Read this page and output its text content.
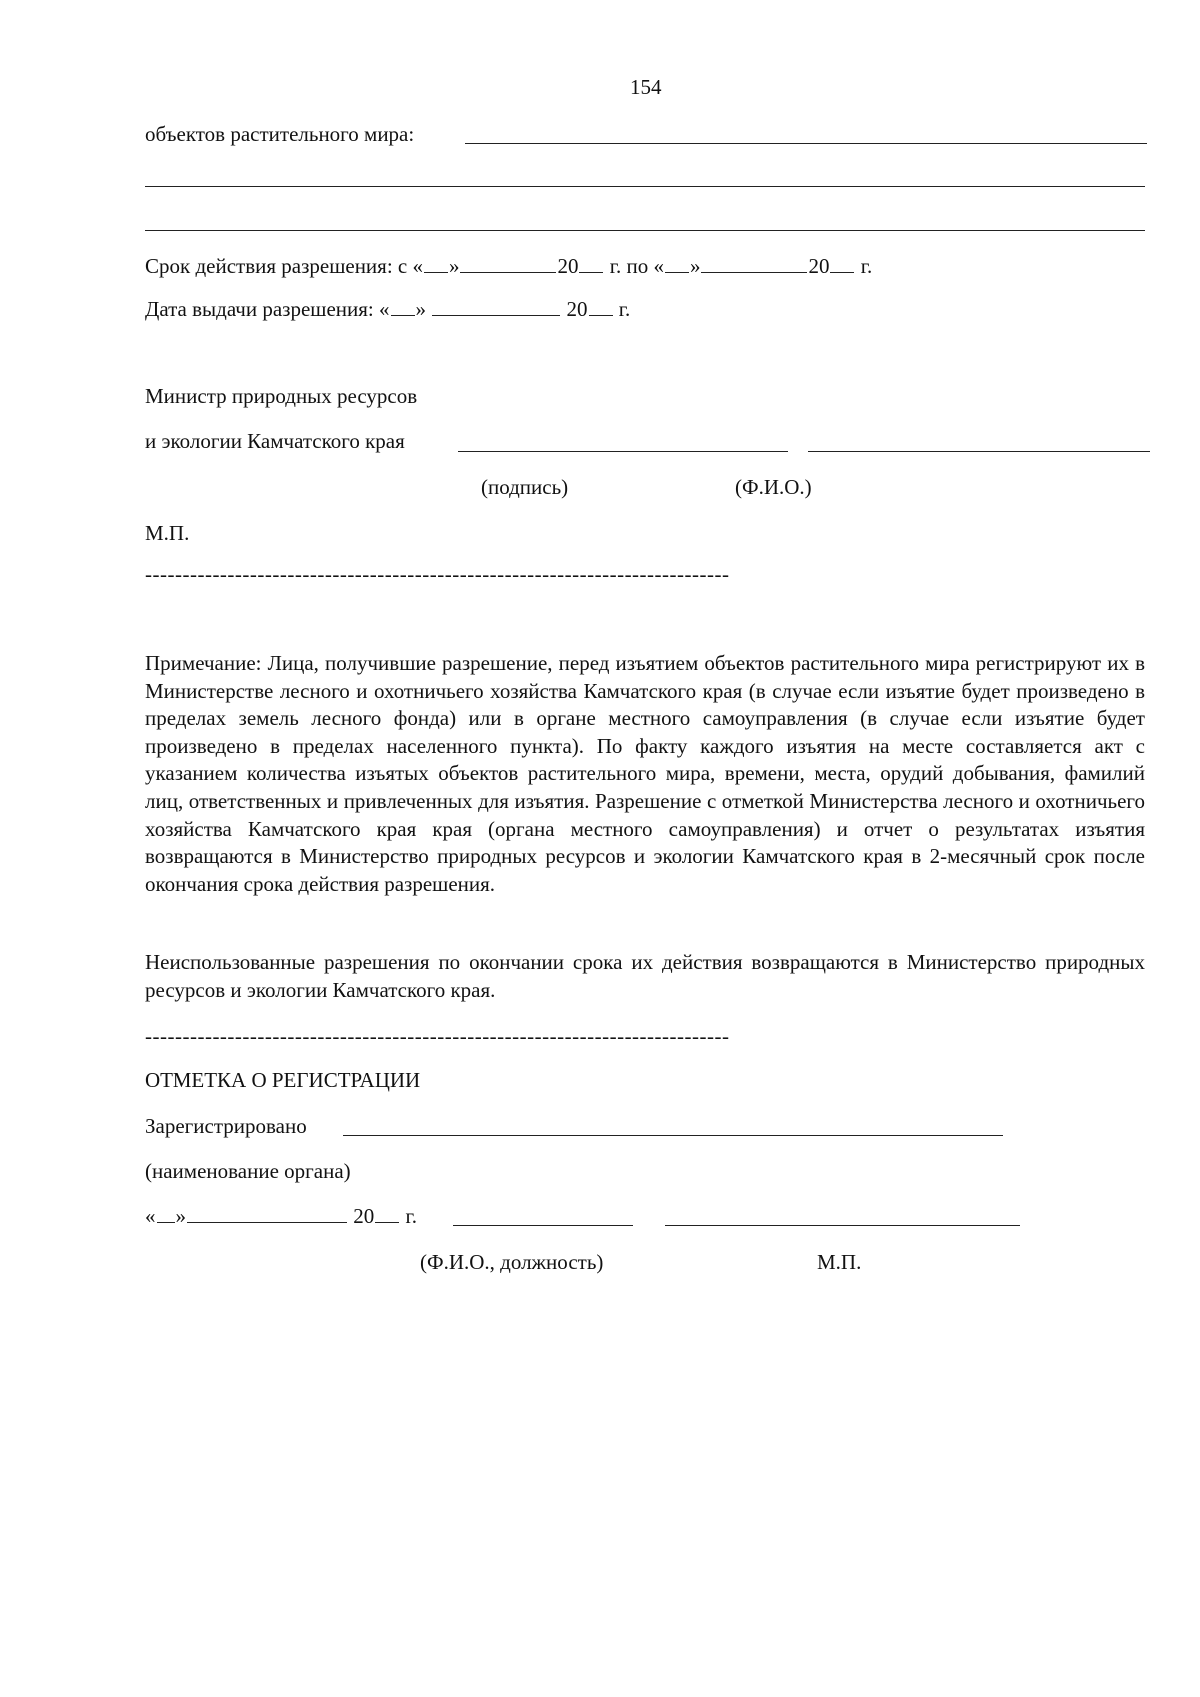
154
объектов растительного мира:
Срок действия разрешения: с « »	20 г. по « »	20 г.
Дата выдачи разрешения: « »	20 г.
Министр природных ресурсов
и экологии Камчатского края
(подпись)	(Ф.И.О.)
М.П.
------------------------------------------------------------------------------
Примечание: Лица, получившие разрешение, перед изъятием объектов растительного мира регистрируют их в Министерстве лесного и охотничьего хозяйства Камчатского края (в случае если изъятие будет произведено в пределах земель лесного фонда) или в органе местного самоуправления (в случае если изъятие будет произведено в пределах населенного пункта). По факту каждого изъятия на месте составляется акт с указанием количества изъятых объектов растительного мира, времени, места, орудий добывания, фамилий лиц, ответственных и привлеченных для изъятия. Разрешение с отметкой Министерства лесного и охотничьего хозяйства Камчатского края края (органа местного самоуправления) и отчет о результатах изъятия возвращаются в Министерство природных ресурсов и экологии Камчатского края в 2-месячный срок после окончания срока действия разрешения.
Неиспользованные разрешения по окончании срока их действия возвращаются в Министерство природных ресурсов и экологии Камчатского края.
------------------------------------------------------------------------------
ОТМЕТКА О РЕГИСТРАЦИИ
Зарегистрировано
(наименование органа)
« »	20 г.
(Ф.И.О., должность)	М.П.
